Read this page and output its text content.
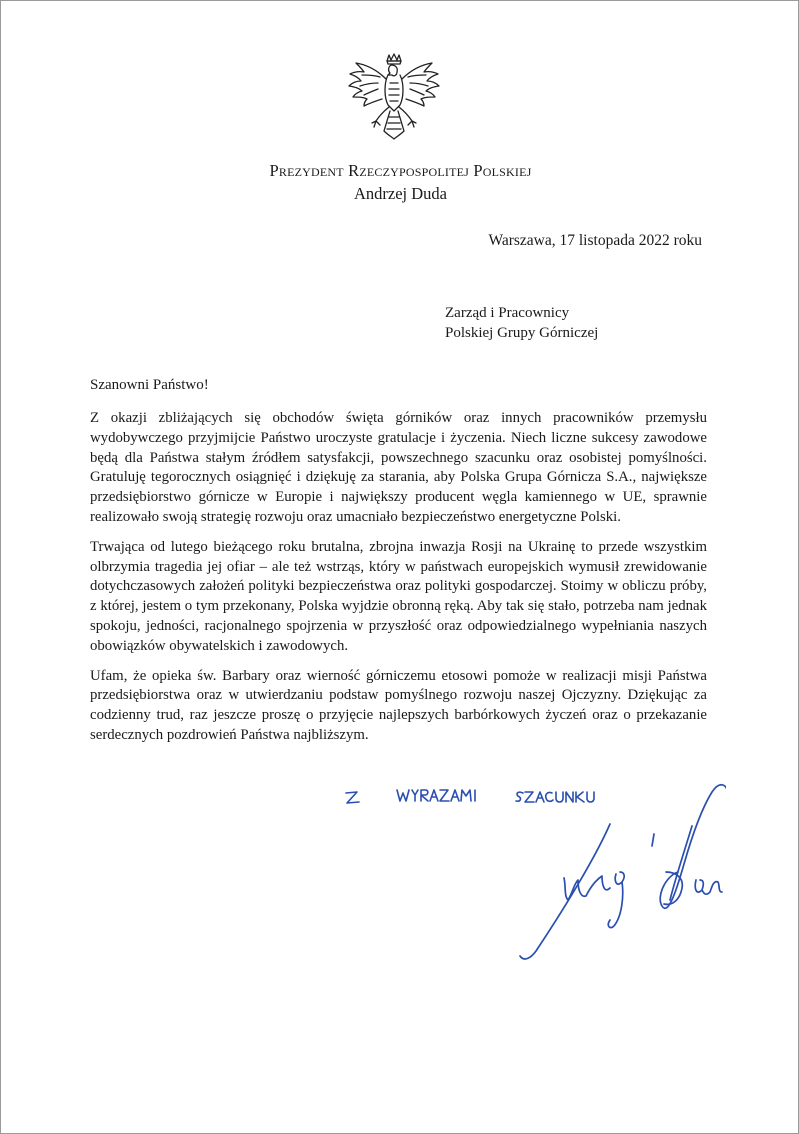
Prezydent Rzeczypospolitej Polskiej
Andrzej Duda
Warszawa, 17 listopada 2022 roku
Zarząd i Pracownicy
Polskiej Grupy Górniczej
Szanowni Państwo!

Z okazji zbliżających się obchodów święta górników oraz innych pracowników przemysłu wydobywczego przyjmijcie Państwo uroczyste gratulacje i życzenia. Niech liczne sukcesy zawodowe będą dla Państwa stałym źródłem satysfakcji, powszechnego szacunku oraz osobistej pomyślności. Gratuluję tegorocznych osiągnięć i dziękuję za starania, aby Polska Grupa Górnicza S.A., największe przedsiębiorstwo górnicze w Europie i największy producent węgla kamiennego w UE, sprawnie realizowało swoją strategię rozwoju oraz umacniało bezpieczeństwo energetyczne Polski.

Trwająca od lutego bieżącego roku brutalna, zbrojna inwazja Rosji na Ukrainę to przede wszystkim olbrzymia tragedia jej ofiar – ale też wstrząs, który w państwach europejskich wymusił zrewidowanie dotychczasowych założeń polityki bezpieczeństwa oraz polityki gospodarczej. Stoimy w obliczu próby, z której, jestem o tym przekonany, Polska wyjdzie obronną ręką. Aby tak się stało, potrzeba nam jednak spokoju, jedności, racjonalnego spojrzenia w przyszłość oraz odpowiedzialnego wypełniania naszych obowiązków obywatelskich i zawodowych.

Ufam, że opieka św. Barbary oraz wierność górniczemu etosowi pomoże w realizacji misji Państwa przedsiębiorstwa oraz w utwierdzaniu podstaw pomyślnego rozwoju naszej Ojczyzny. Dziękując za codzienny trud, raz jeszcze proszę o przyjęcie najlepszych barbórkowych życzeń oraz o przekazanie serdecznych pozdrowień Państwa najbliższym.
